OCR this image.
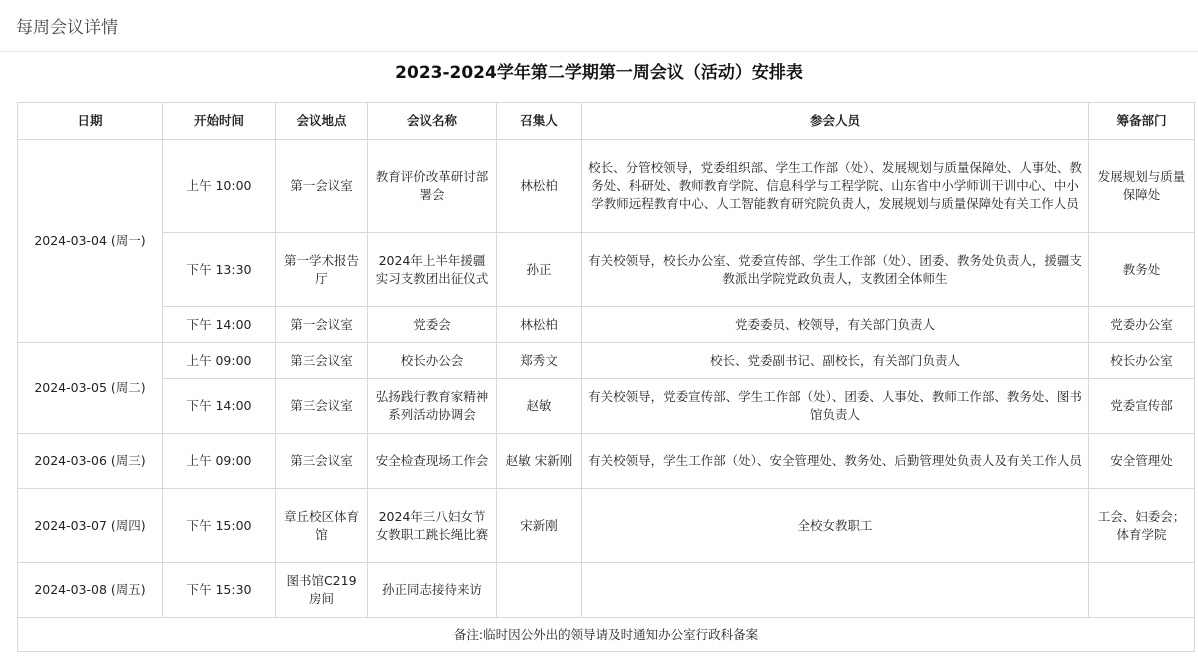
每周会议详情
2023-2024学年第二学期第一周会议（活动）安排表
日期	开始时间	会议地点	会议名称	召集人	参会人员	筹备部门
2024-03-04 (周一)	上午 10:00	第一会议室	教育评价改革研讨部署会	林松柏	校长、分管校领导，党委组织部、学生工作部（处）、发展规划与质量保障处、人事处、教务处、科研处、教师教育学院、信息科学与工程学院、山东省中小学师训干训中心、中小学教师远程教育中心、人工智能教育研究院负责人，发展规划与质量保障处有关工作人员	发展规划与质量保障处
	下午 13:30	第一学术报告厅	2024年上半年援疆实习支教团出征仪式	孙正	有关校领导，校长办公室、党委宣传部、学生工作部（处）、团委、教务处负责人，援疆支教派出学院党政负责人，支教团全体师生	教务处
	下午 14:00	第一会议室	党委会	林松柏	党委委员、校领导，有关部门负责人	党委办公室
2024-03-05 (周二)	上午 09:00	第三会议室	校长办公会	郑秀文	校长、党委副书记、副校长，有关部门负责人	校长办公室
	下午 14:00	第三会议室	弘扬践行教育家精神系列活动协调会	赵敏	有关校领导，党委宣传部、学生工作部（处）、团委、人事处、教师工作部、教务处、图书馆负责人	党委宣传部
2024-03-06 (周三)	上午 09:00	第三会议室	安全检查现场工作会	赵敏 宋新刚	有关校领导，学生工作部（处）、安全管理处、教务处、后勤管理处负责人及有关工作人员	安全管理处
2024-03-07 (周四)	下午 15:00	章丘校区体育馆	2024年三八妇女节女教职工跳长绳比赛	宋新刚	全校女教职工	工会、妇委会；体育学院
2024-03-08 (周五)	下午 15:30	图书馆C219房间	孙正同志接待来访			
备注:临时因公外出的领导请及时通知办公室行政科备案						
